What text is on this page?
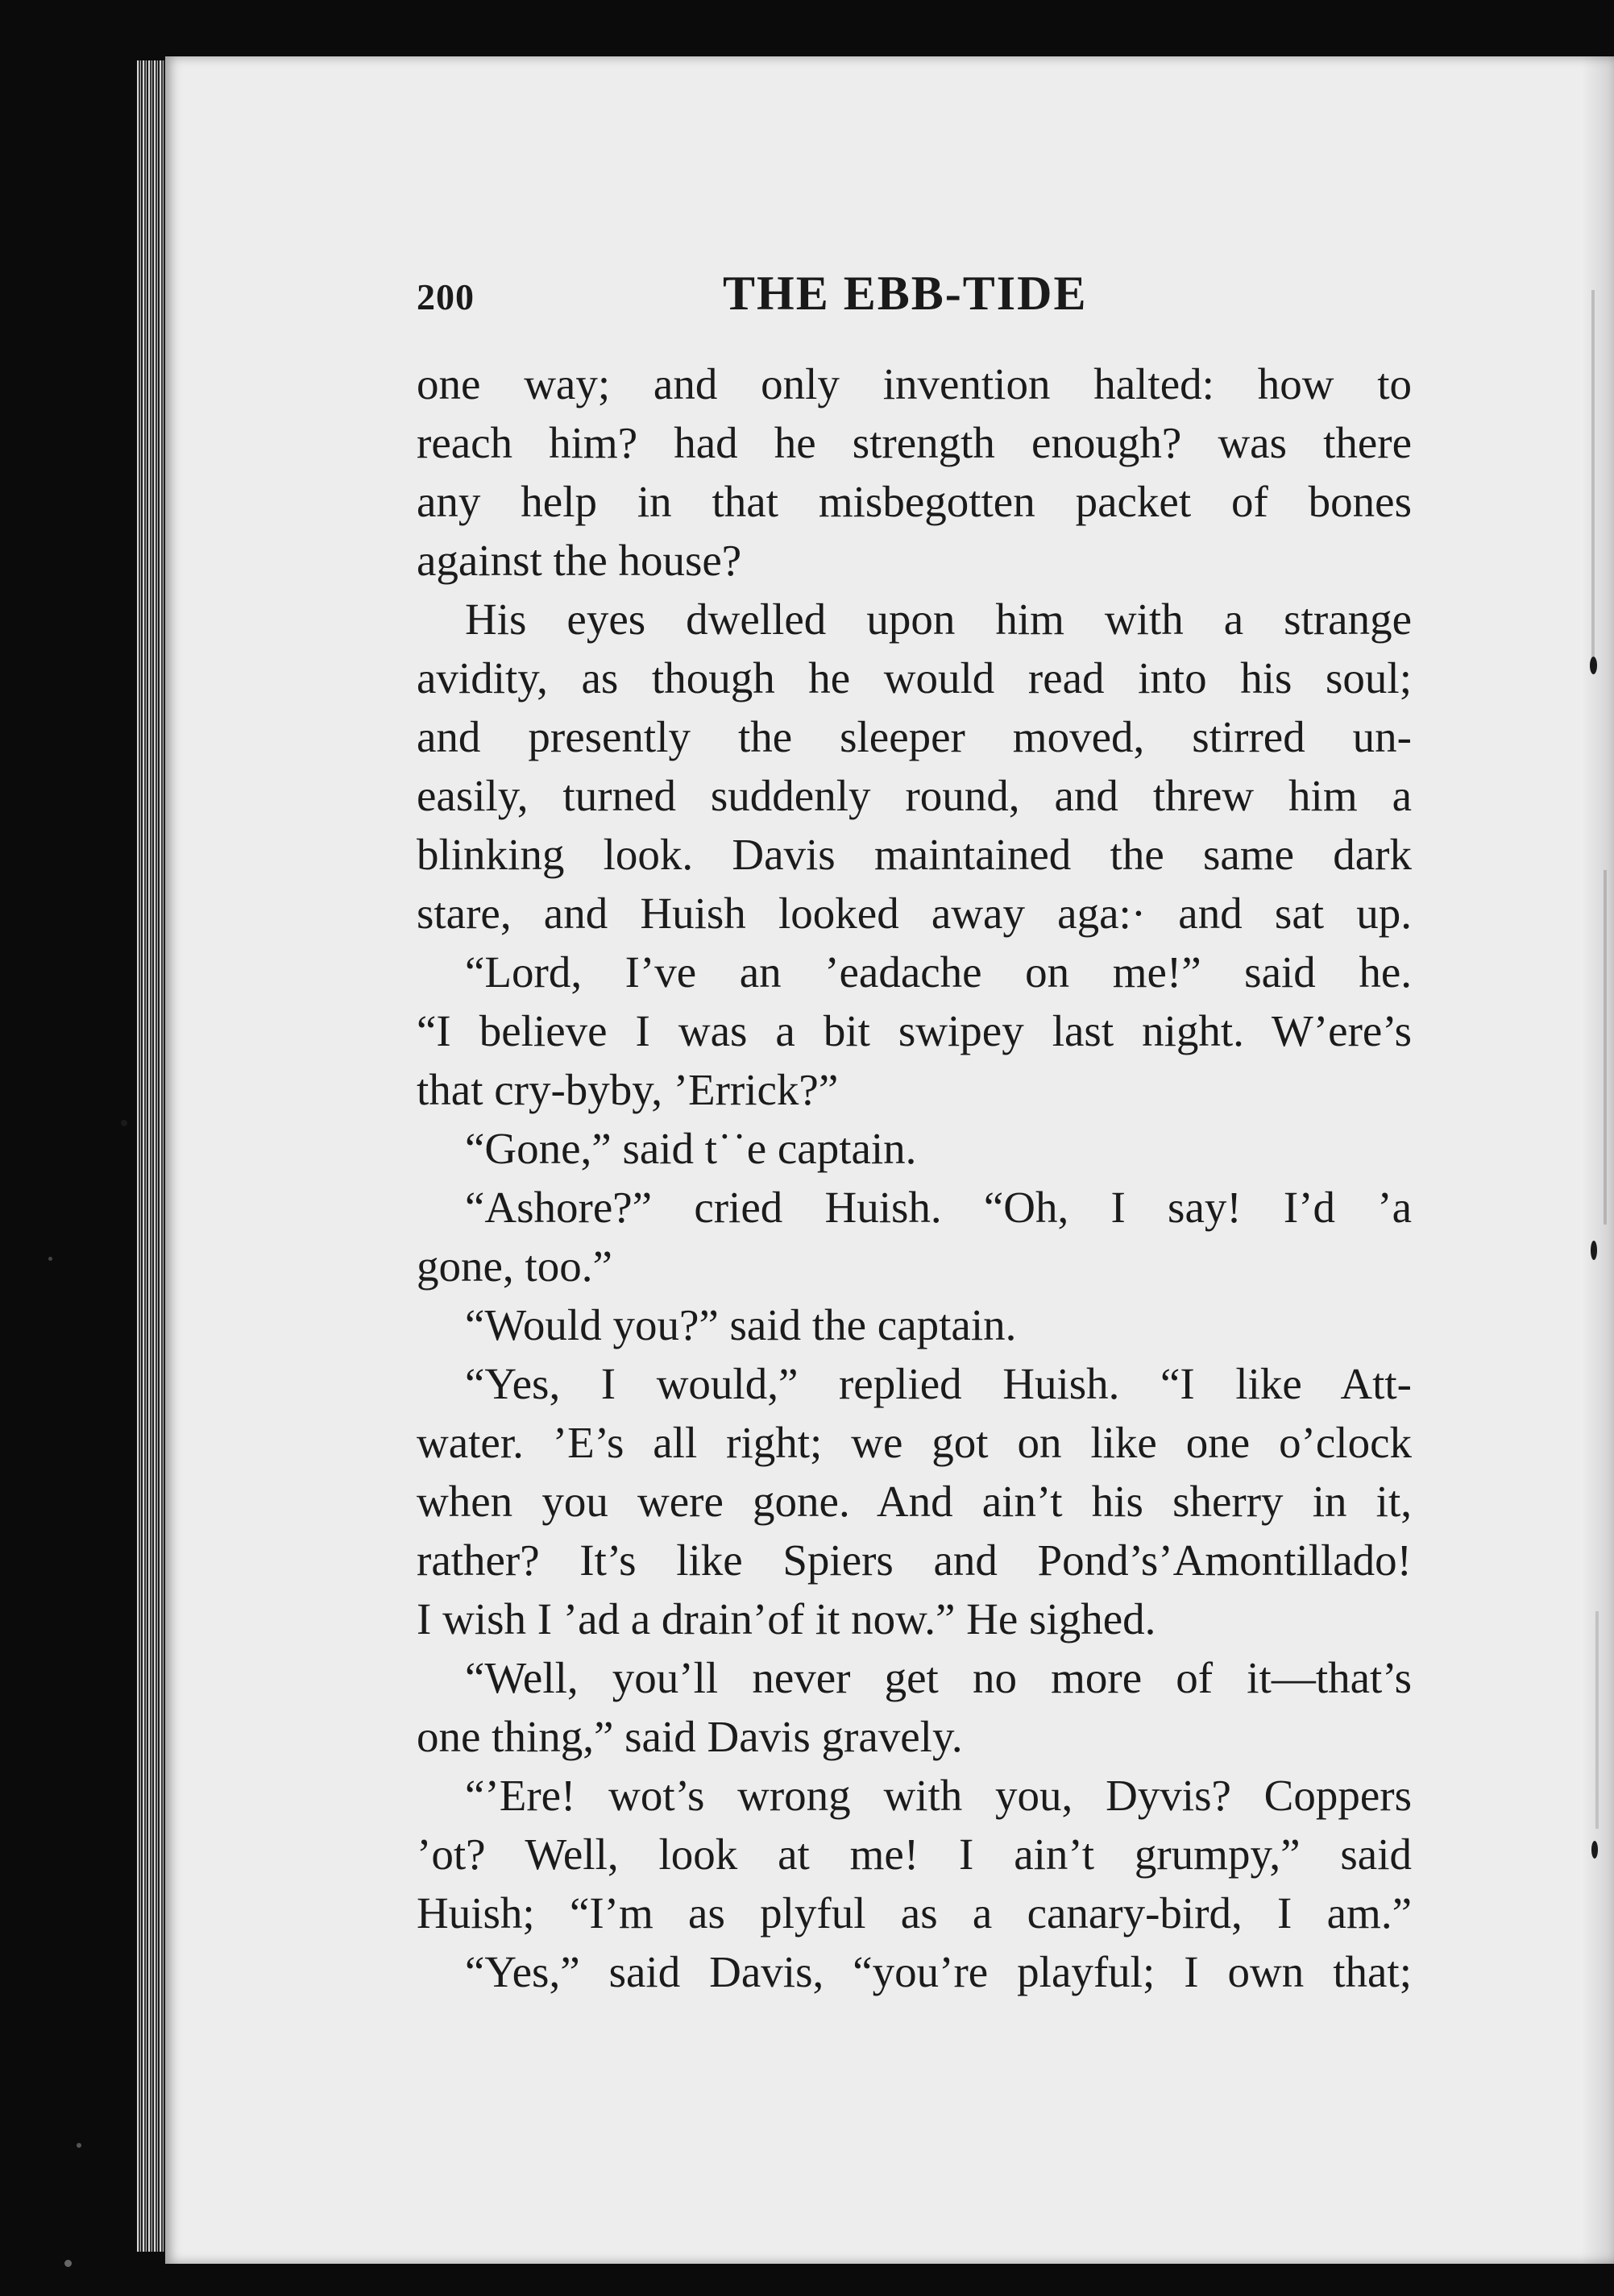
200	THE EBB-TIDE
one way; and only invention halted: how to
reach him? had he strength enough? was there
any help in that misbegotten packet of bones
against the house?
His eyes dwelled upon him with a strange
avidity, as though he would read into his soul;
and presently the sleeper moved, stirred un-
easily, turned suddenly round, and threw him a
blinking look. Davis maintained the same dark
stare, and Huish looked away aga:· and sat up.
“Lord, I’ve an ’eadache on me!” said he.
“I believe I was a bit swipey last night. W’ere’s
that cry-byby, ’Errick?”
“Gone,” said t˙˙e captain.
“Ashore?” cried Huish. “Oh, I say! I’d ’a
gone, too.”
“Would you?” said the captain.
“Yes, I would,” replied Huish. “I like Att-
water. ’E’s all right; we got on like one o’clock
when you were gone. And ain’t his sherry in it,
rather? It’s like Spiers and Pond’s’Amontillado!
I wish I ’ad a drain’of it now.” He sighed.
“Well, you’ll never get no more of it—that’s
one thing,” said Davis gravely.
“’Ere! wot’s wrong with you, Dyvis? Coppers
’ot? Well, look at me! I ain’t grumpy,” said
Huish; “I’m as plyful as a canary-bird, I am.”
“Yes,” said Davis, “you’re playful; I own that;
